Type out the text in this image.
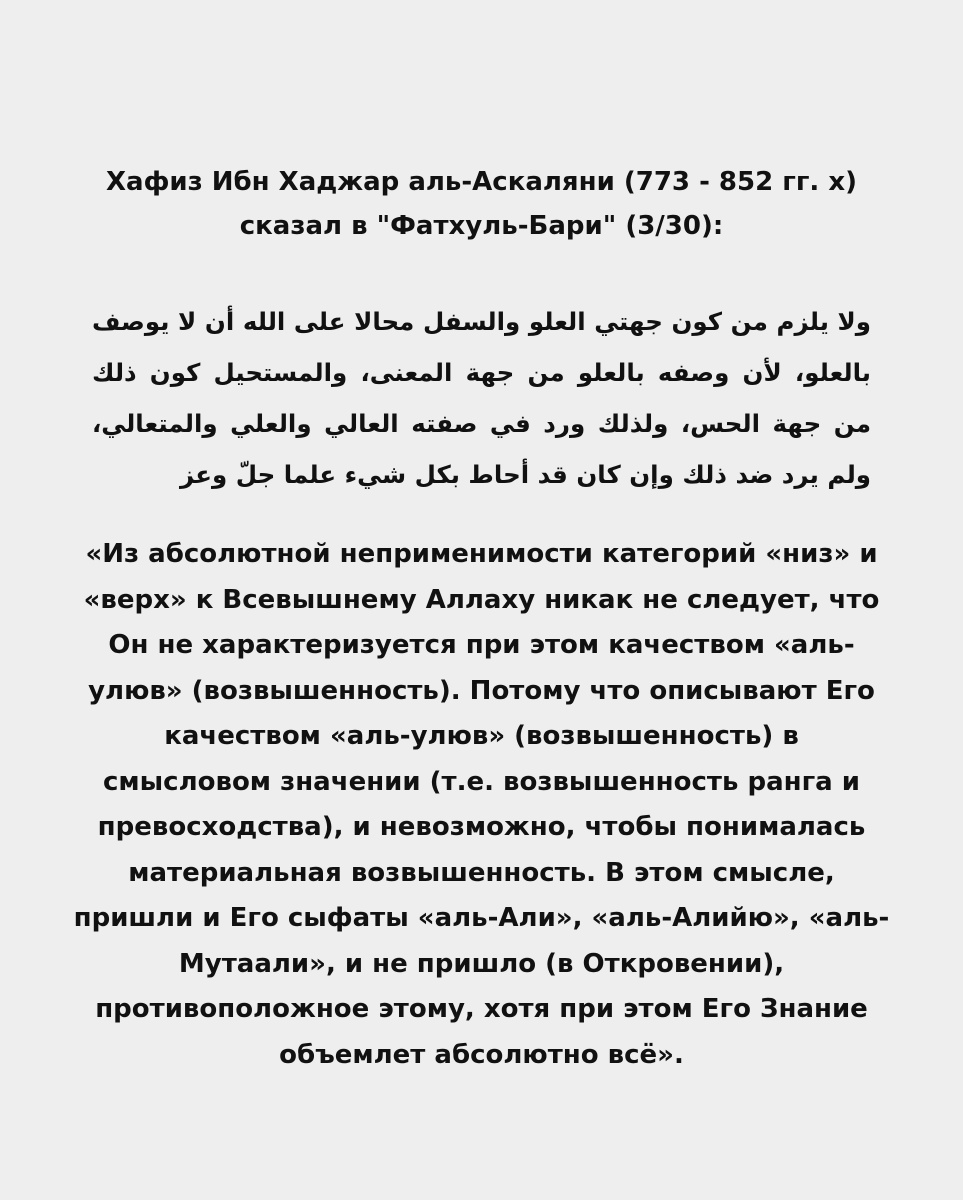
Хафиз Ибн Хаджар аль-Аскаляни (773 - 852 гг. х)
сказал в "Фатхуль-Бари" (3/30):
ولا يلزم من كون جهتي العلو والسفل محالا على الله أن لا يوصف بالعلو، لأن وصفه بالعلو من جهة المعنى، والمستحيل كون ذلك من جهة الحس، ولذلك ورد في صفته العالي والعلي والمتعالي، ولم يرد ضد ذلك وإن كان قد أحاط بكل شيء علما جلّ وعز
«Из абсолютной неприменимости категорий «низ» и
«верх» к Всевышнему Аллаху никак не следует, что
Он не характеризуется при этом качеством «аль-
улюв» (возвышенность). Потому что описывают Его
качеством «аль-улюв» (возвышенность) в
смысловом значении (т.е. возвышенность ранга и
превосходства), и невозможно, чтобы понималась
материальная возвышенность. В этом смысле,
пришли и Его сыфаты «аль-Али», «аль-Алийю», «аль-
Мутаали», и не пришло (в Откровении),
противоположное этому, хотя при этом Его Знание
объемлет абсолютно всё».
